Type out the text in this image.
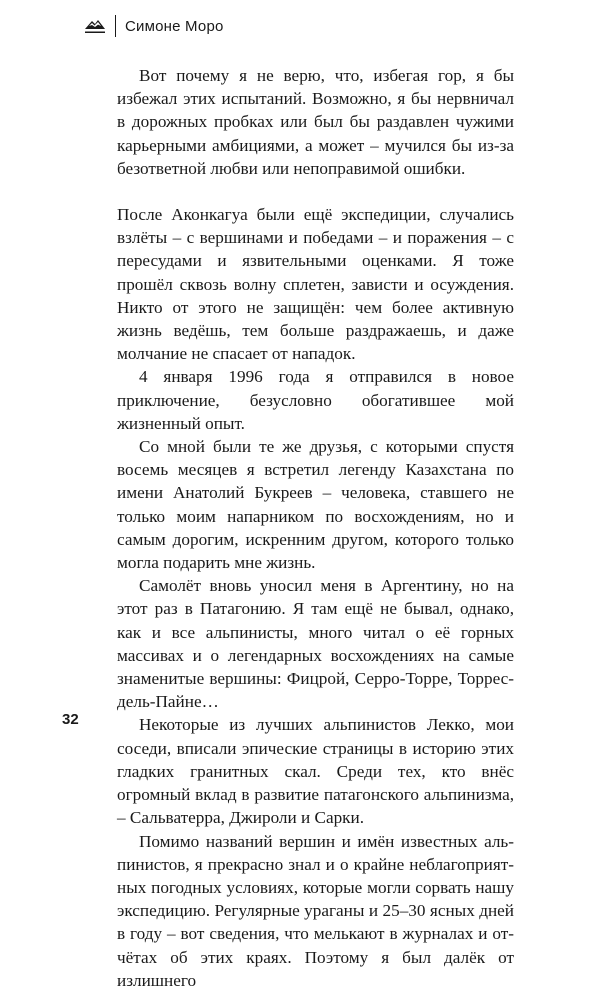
Симоне Моро

Вот почему я не верю, что, избегая гор, я бы избежал этих испытаний. Возможно, я бы нервничал в дорожных пробках или был бы раздавлен чужими карьерными амбициями, а может – мучился бы из-за безответной любви или непоправимой ошибки.

После Аконкагуа были ещё экспедиции, случались взлёты – с вершинами и победами – и поражения – с пересудами и язвительными оценками. Я тоже прошёл сквозь волну сплетен, зависти и осуждения. Никто от этого не защищён: чем более активную жизнь ведёшь, тем больше раздражаешь, и даже молчание не спасает от нападок.

4 января 1996 года я отправился в новое приключение, безусловно обогатившее мой жизненный опыт.

Со мной были те же друзья, с которыми спустя восемь месяцев я встретил легенду Казахстана по имени Анатолий Букреев – человека, ставшего не только моим напарником по восхождениям, но и самым дорогим, искренним другом, которого только могла подарить мне жизнь.

Самолёт вновь уносил меня в Аргентину, но на этот раз в Патагонию. Я там ещё не бывал, однако, как и все альпинисты, много читал о её горных массивах и о легендарных восхождениях на самые знаменитые вершины: Фицрой, Серро-Торре, Торрес-дель-Пайне…

Некоторые из лучших альпинистов Лекко, мои соседи, вписали эпические страницы в историю этих гладких гранитных скал. Среди тех, кто внёс огромный вклад в развитие патагонского альпинизма, – Сальватерра, Джироли и Сарки.

Помимо названий вершин и имён известных альпинистов, я прекрасно знал и о крайне неблагоприятных погодных условиях, которые могли сорвать нашу экспедицию. Регулярные ураганы и 25–30 ясных дней в году – вот сведения, что мелькают в журналах и отчётах об этих краях. Поэтому я был далёк от излишнего

32
